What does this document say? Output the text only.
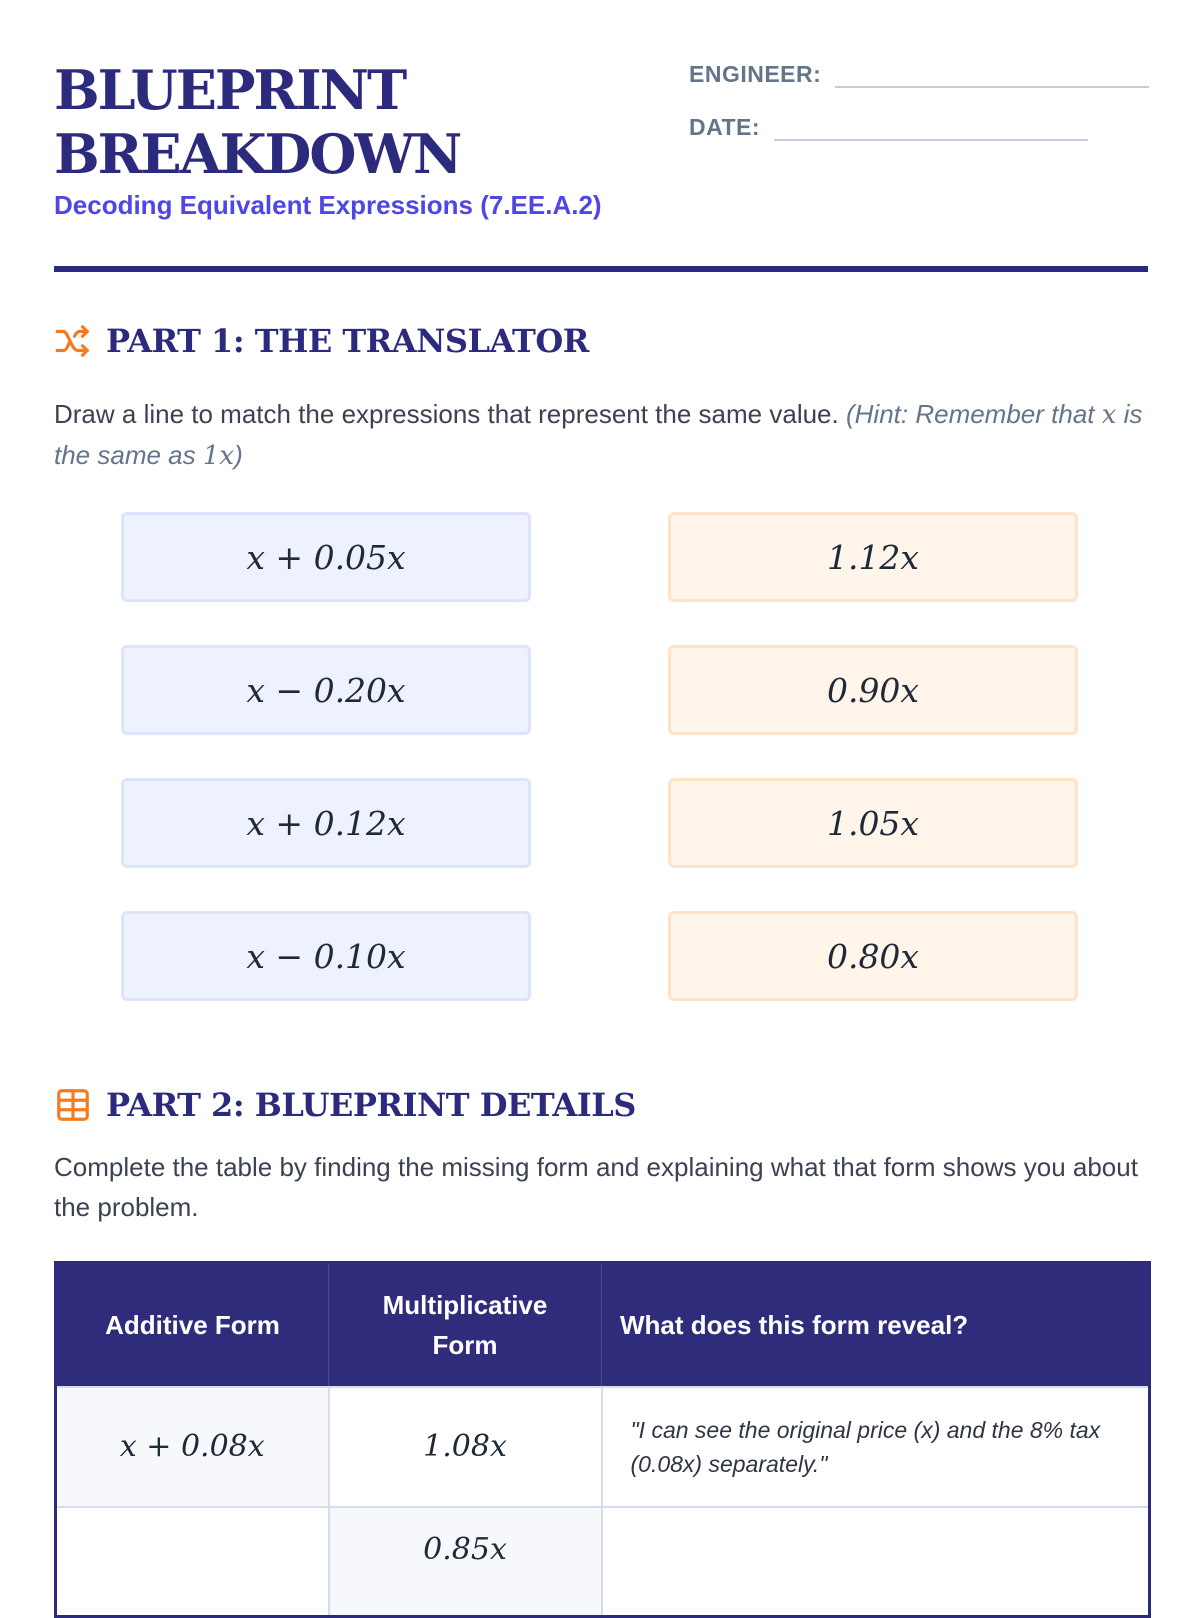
BLUEPRINT
BREAKDOWN
Decoding Equivalent Expressions (7.EE.A.2)
ENGINEER:
DATE:
PART 1: THE TRANSLATOR
Draw a line to match the expressions that represent the same value. (Hint: Remember that x is the same as 1x)
x + 0.05x
x − 0.20x
x + 0.12x
x − 0.10x
1.12x
0.90x
1.05x
0.80x
PART 2: BLUEPRINT DETAILS
Complete the table by finding the missing form and explaining what that form shows you about the problem.
Additive Form	Multiplicative Form	What does this form reveal?
x + 0.08x	1.08x	"I can see the original price (x) and the 8% tax (0.08x) separately."
	0.85x	
